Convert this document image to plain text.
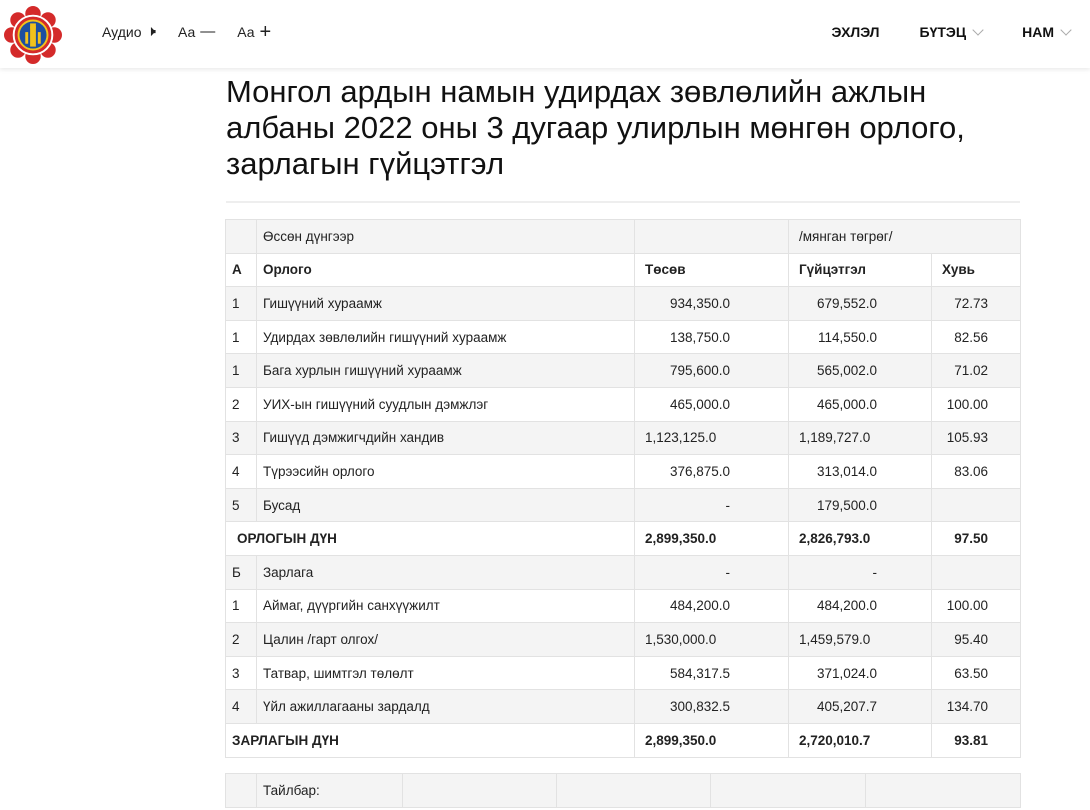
Аудио 🕨 Аа — Аа +	ЭХЛЭЛ	БҮТЭЦ	НАМ
Монгол ардын намын удирдах зөвлөлийн ажлын албаны 2022 оны 3 дугаар улирлын мөнгөн орлого, зарлагын гүйцэтгэл
	Өссөн дүнгээр		/мянган төгрөг/	
А	Орлого	Төсөв	Гүйцэтгэл	Хувь
1	Гишүүний хураамж	934,350.0	679,552.0	72.73
1	Удирдах зөвлөлийн гишүүний хураамж	138,750.0	114,550.0	82.56
1	Бага хурлын гишүүний хураамж	795,600.0	565,002.0	71.02
2	УИХ-ын гишүүний суудлын дэмжлэг	465,000.0	465,000.0	100.00
3	Гишүүд дэмжигчдийн хандив	1,123,125.0	1,189,727.0	105.93
4	Түрээсийн орлого	376,875.0	313,014.0	83.06
5	Бусад	-	179,500.0	
ОРЛОГЫН ДҮН		2,899,350.0	2,826,793.0	97.50
Б	Зарлага	-	-	
1	Аймаг, дүүргийн санхүүжилт	484,200.0	484,200.0	100.00
2	Цалин /гарт олгох/	1,530,000.0	1,459,579.0	95.40
3	Татвар, шимтгэл төлөлт	584,317.5	371,024.0	63.50
4	Үйл ажиллагааны зардалд	300,832.5	405,207.7	134.70
ЗАРЛАГЫН ДҮН		2,899,350.0	2,720,010.7	93.81
	Тайлбар:				
